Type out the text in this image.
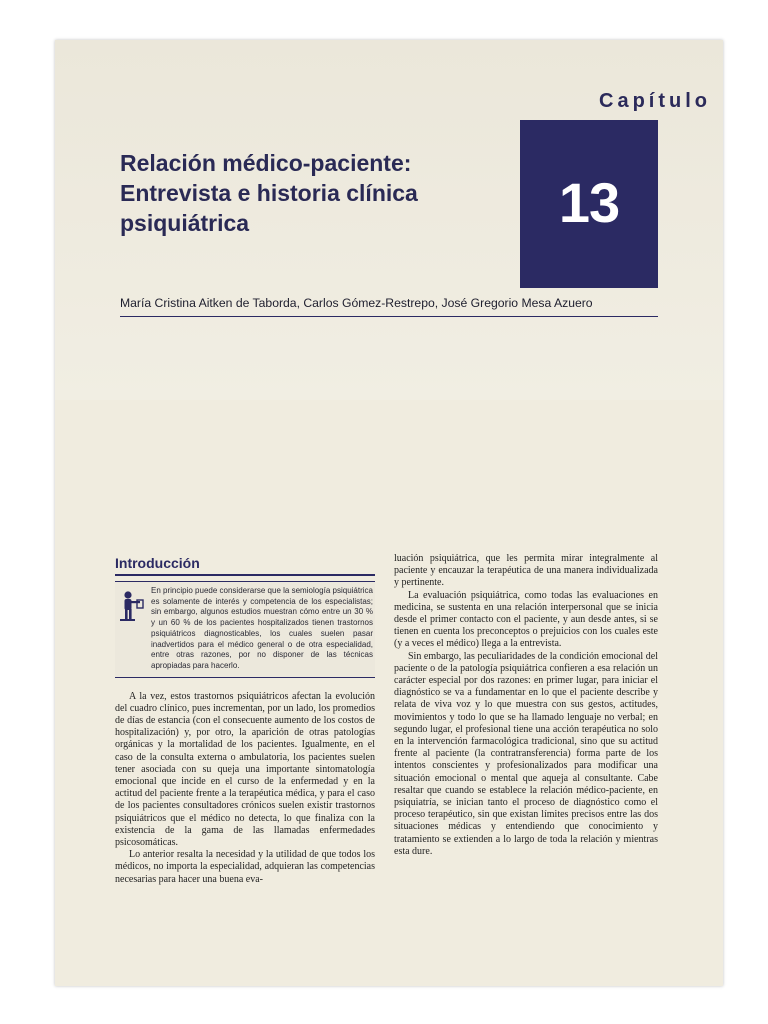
Capítulo
13
Relación médico-paciente:
Entrevista e historia clínica
psiquiátrica
María Cristina Aitken de Taborda, Carlos Gómez-Restrepo, José Gregorio Mesa Azuero
Introducción

En principio puede considerarse que la semiología psiquiátrica es solamente de interés y competencia de los especialistas; sin embargo, algunos estudios muestran cómo entre un 30 % y un 60 % de los pacientes hospitalizados tienen trastornos psiquiátricos diagnosticables, los cuales suelen pasar inadvertidos para el médico general o de otra especialidad, entre otras razones, por no disponer de las técnicas apropiadas para hacerlo.

A la vez, estos trastornos psiquiátricos afectan la evolución del cuadro clínico, pues incrementan, por un lado, los promedios de días de estancia (con el consecuente aumento de los costos de hospitalización) y, por otro, la aparición de otras patologías orgánicas y la mortalidad de los pacientes. Igualmente, en el caso de la consulta externa o ambulatoria, los pacientes suelen tener asociada con su queja una importante sintomatología emocional que incide en el curso de la enfermedad y en la actitud del paciente frente a la terapéutica médica, y para el caso de los pacientes consultadores crónicos suelen existir trastornos psiquiátricos que el médico no detecta, lo que finaliza con la existencia de la gama de las llamadas enfermedades psicosomáticas.

Lo anterior resalta la necesidad y la utilidad de que todos los médicos, no importa la especialidad, adquieran las competencias necesarias para hacer una buena eva-

luación psiquiátrica, que les permita mirar integralmente al paciente y encauzar la terapéutica de una manera individualizada y pertinente.

La evaluación psiquiátrica, como todas las evaluaciones en medicina, se sustenta en una relación interpersonal que se inicia desde el primer contacto con el paciente, y aun desde antes, si se tienen en cuenta los preconceptos o prejuicios con los cuales este (y a veces el médico) llega a la entrevista.

Sin embargo, las peculiaridades de la condición emocional del paciente o de la patología psiquiátrica confieren a esa relación un carácter especial por dos razones: en primer lugar, para iniciar el diagnóstico se va a fundamentar en lo que el paciente describe y relata de viva voz y lo que muestra con sus gestos, actitudes, movimientos y todo lo que se ha llamado lenguaje no verbal; en segundo lugar, el profesional tiene una acción terapéutica no solo en la intervención farmacológica tradicional, sino que su actitud frente al paciente (la contratransferencia) forma parte de los intentos conscientes y profesionalizados para modificar una situación emocional o mental que aqueja al consultante. Cabe resaltar que cuando se establece la relación médico-paciente, en psiquiatría, se inician tanto el proceso de diagnóstico como el proceso terapéutico, sin que existan límites precisos entre las dos situaciones médicas y entendiendo que conocimiento y tratamiento se extienden a lo largo de toda la relación y mientras esta dure.
